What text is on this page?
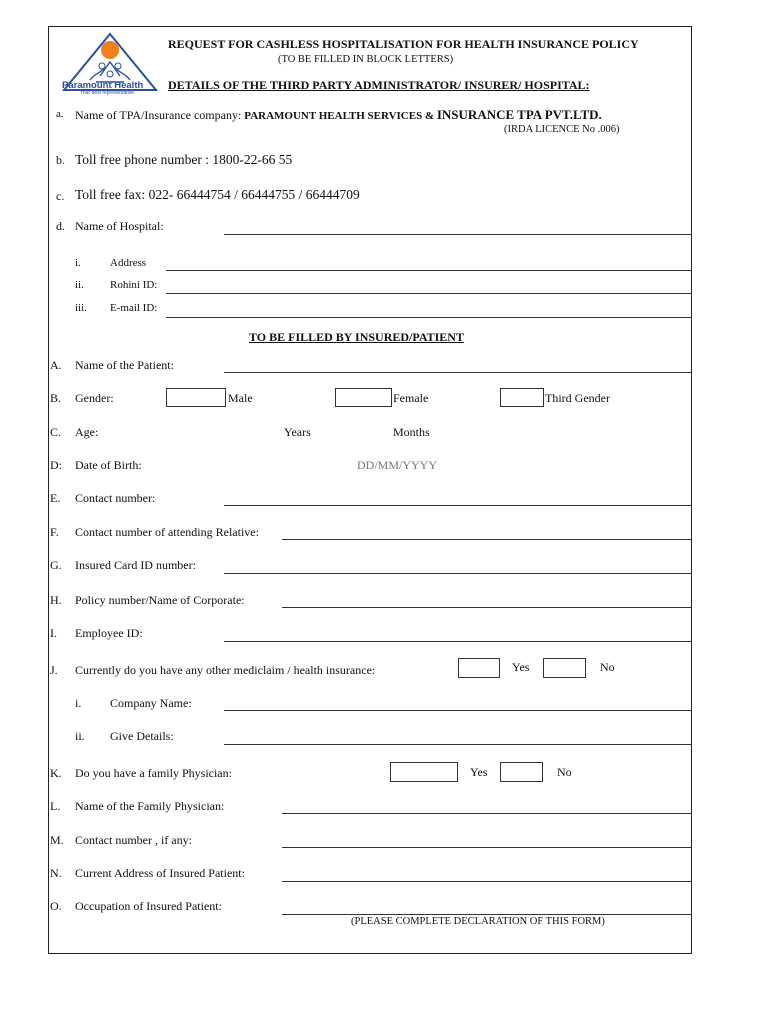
Paramount Health
Your best representative
REQUEST FOR CASHLESS HOSPITALISATION FOR HEALTH INSURANCE POLICY
(TO BE FILLED IN BLOCK LETTERS)
DETAILS OF THE THIRD PARTY ADMINISTRATOR/ INSURER/ HOSPITAL:
a. Name of TPA/Insurance company: PARAMOUNT HEALTH SERVICES & INSURANCE TPA PVT.LTD.
(IRDA LICENCE No .006)
b. Toll free phone number : 1800-22-66 55
c. Toll free fax: 022- 66444754 / 66444755 / 66444709
d. Name of Hospital:
i.	Address
ii. Rohini ID:
iii. E-mail ID:
TO BE FILLED BY INSURED/PATIENT
A. Name of the Patient:
B. Gender:	Male	Female	Third Gender
C. Age:	Years	Months
D: Date of Birth:	DD/MM/YYYY
E. Contact number:
F. Contact number of attending Relative:
G. Insured Card ID number:
H. Policy number/Name of Corporate:
I. Employee ID:
J. Currently do you have any other mediclaim / health insurance:	Yes	No
i. Company Name:
ii. Give Details:
K. Do you have a family Physician:	Yes	No
L. Name of the Family Physician:
M. Contact number , if any:
N. Current Address of Insured Patient:
O. Occupation of Insured Patient:
(PLEASE COMPLETE DECLARATION OF THIS FORM)
